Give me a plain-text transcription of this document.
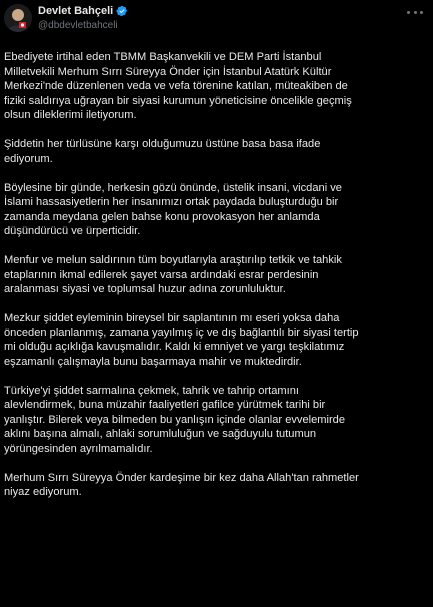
Devlet Bahçeli
@dbdevletbahceli

Ebediyete irtihal eden TBMM Başkanvekili ve DEM Parti İstanbul
Milletvekili Merhum Sırrı Süreyya Önder için İstanbul Atatürk Kültür
Merkezi'nde düzenlenen veda ve vefa törenine katılan, müteakiben de
fiziki saldırıya uğrayan bir siyasi kurumun yöneticisine öncelikle geçmiş
olsun dileklerimi iletiyorum.

Şiddetin her türlüsüne karşı olduğumuzu üstüne basa basa ifade
ediyorum.

Böylesine bir günde, herkesin gözü önünde, üstelik insani, vicdani ve
İslami hassasiyetlerin her insanımızı ortak paydada buluşturduğu bir
zamanda meydana gelen bahse konu provokasyon her anlamda
düşündürücü ve ürperticidir.

Menfur ve melun saldırının tüm boyutlarıyla araştırılıp tetkik ve tahkik
etaplarının ikmal edilerek şayet varsa ardındaki esrar perdesinin
aralanması siyasi ve toplumsal huzur adına zorunluluktur.

Mezkur şiddet eyleminin bireysel bir saplantının mı eseri yoksa daha
önceden planlanmış, zamana yayılmış iç ve dış bağlantılı bir siyasi tertip
mi olduğu açıklığa kavuşmalıdır. Kaldı ki emniyet ve yargı teşkilatımız
eşzamanlı çalışmayla bunu başarmaya mahir ve muktedirdir.

Türkiye'yi şiddet sarmalına çekmek, tahrik ve tahrip ortamını
alevlendirmek, buna müzahir faaliyetleri gafilce yürütmek tarihi bir
yanlıştır. Bilerek veya bilmeden bu yanlışın içinde olanlar evvelemirde
aklını başına almalı, ahlaki sorumluluğun ve sağduyulu tutumun
yörüngesinden ayrılmamalıdır.

Merhum Sırrı Süreyya Önder kardeşime bir kez daha Allah'tan rahmetler
niyaz ediyorum.
